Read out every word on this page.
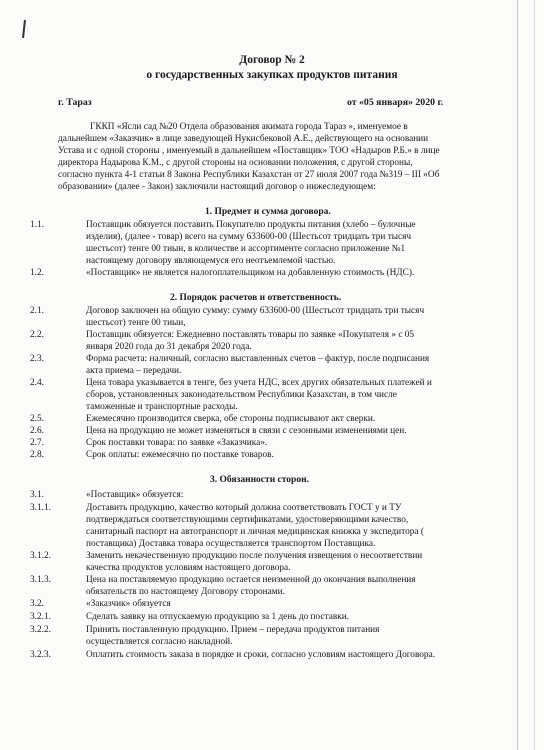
Договор № 2
о государственных закупках продуктов питания
г. Тараз	от «05 января» 2020 г.
ГККП «Ясли сад №20 Отдела образования акимата города Тараз », именуемое в
дальнейшем «Заказчик» в лице заведующей Нукисбековой А.Е., действующего на основании
Устава и с одной стороны , именуемый в дальнейшем «Поставщик» ТОО «Надыров Р.Б.» в лице
директора Надырова К.М., с другой стороны на основании положения, с другой стороны,
согласно пункта 4-1 статьи 8 Закона Республики Казахстан от 27 июля 2007 года №319 – III «Об
образовании» (далее - Закон) заключили настоящий договор о нижеследующем:
1. Предмет и сумма договора.
1.1.	Поставщик обязуется поставить Покупателю продукты питания (хлебо – булочные
изделия), (далее - товар) всего на сумму 633600-00 (Шестьсот тридцать три тысяч
шестьсот) тенге 00 тиын, в количестве и ассортименте согласно приложение №1
настоящему договору являющемуся его неотъемлемой частью.
1.2.	«Поставщик» не является налогоплательщиком на добавленную стоимость (НДС).
2. Порядок расчетов и ответственность.
2.1.	Договор заключен на общую сумму: сумму 633600-00 (Шестьсот тридцать три тысяч
шестьсот) тенге 00 тиын,
2.2.	Поставщик обязуется: Ежедневно поставлять товары по заявке «Покупателя » с 05
января 2020 года до 31 декабря 2020 года.
2.3.	Форма расчета: наличный, согласно выставленных счетов – фактур, после подписания
акта приема – передачи.
2.4.	Цена товара указывается в тенге, без учета НДС, всех других обязательных платежей и
сборов, установленных законодательством Республики Казахстан, в том числе
таможенные и транспортные расходы.
2.5.	Ежемесячно производится сверка, обе стороны подписывают акт сверки.
2.6.	Цена на продукцию не может изменяться в связи с сезонными изменениями цен.
2.7.	Срок поставки товара: по заявке «Заказчика».
2.8.	Срок оплаты: ежемесячно по поставке товаров.
3. Обязанности сторон.
3.1.	«Поставщик» обязуется:
3.1.1.	Доставить продукцию, качество который должна соответствовать ГОСТ у и ТУ
подтверждаться соответствующими сертификатами, удостоверяющими качество,
санитарный паспорт на автотранспорт и личная медицинская книжка у экспедитора (
поставщика) Доставка товара осуществляется транспортом Поставщика.
3.1.2.	Заменить некачественную продукцию после получения извещения о несоответствии
качества продуктов условиям настоящего договора.
3.1.3.	Цена на поставляемую продукцию остается неизменной до окончания выполнения
обязательств по настоящему Договору сторонами.
3.2.	«Заказчик» обязуется
3.2.1.	Сделать заявку на отпускаемую продукцию за 1 день до поставки.
3.2.2.	Принять поставленную продукцию. Прием – передача продуктов питания
осуществляется согласно накладной.
3.2.3.	Оплатить стоимость заказа в порядке и сроки, согласно условиям настоящего Договора.
